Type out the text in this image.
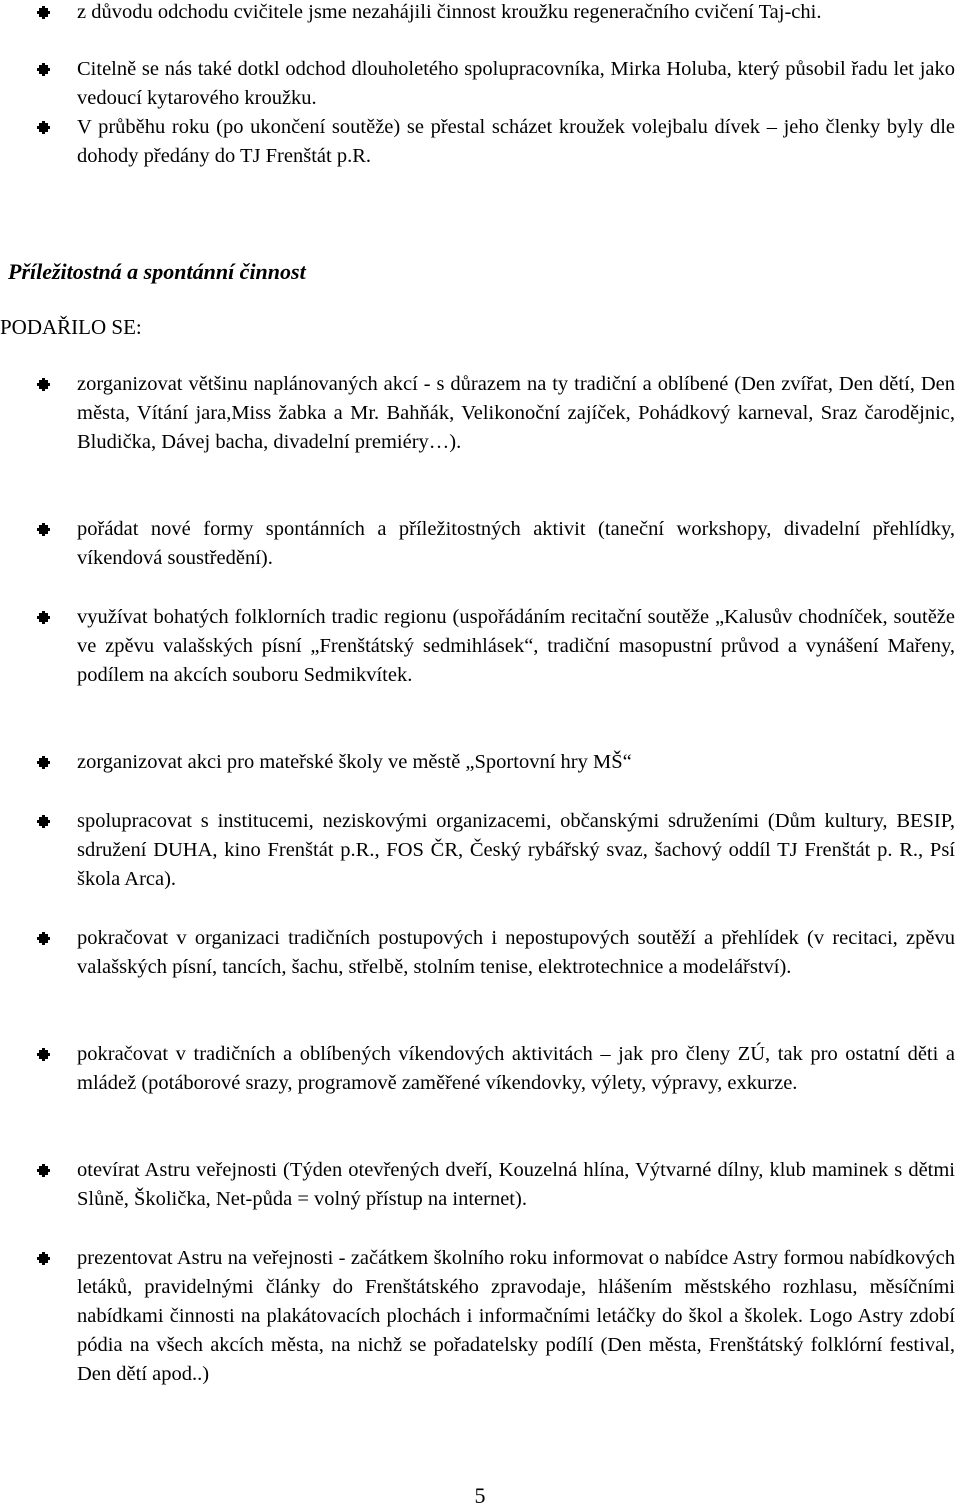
z důvodu odchodu cvičitele jsme nezahájili činnost kroužku regeneračního cvičení Taj-chi.
Citelně se nás také dotkl odchod dlouholetého spolupracovníka, Mirka Holuba, který působil řadu let jako vedoucí kytarového kroužku.
V průběhu roku (po ukončení soutěže) se přestal scházet kroužek volejbalu dívek – jeho členky byly dle dohody předány do TJ Frenštát p.R.
Příležitostná a spontánní činnost
PODAŘILO SE:
zorganizovat většinu naplánovaných akcí - s důrazem na ty tradiční a oblíbené (Den zvířat, Den dětí, Den města, Vítání jara,Miss žabka a Mr. Bahňák, Velikonoční zajíček, Pohádkový karneval, Sraz čarodějnic, Bludička, Dávej bacha, divadelní premiéry…).
pořádat nové formy spontánních a příležitostných aktivit (taneční workshopy, divadelní přehlídky, víkendová soustředění).
využívat bohatých folklorních tradic regionu (uspořádáním recitační soutěže „Kalusův chodníček, soutěže ve zpěvu valašských písní „Frenštátský sedmihlásek“, tradiční masopustní průvod a vynášení Mařeny, podílem na akcích souboru Sedmikvítek.
zorganizovat akci pro mateřské školy ve městě „Sportovní hry MŠ“
spolupracovat s institucemi, neziskovými organizacemi, občanskými sdruženími (Dům kultury, BESIP, sdružení DUHA, kino Frenštát p.R., FOS ČR, Český rybářský svaz, šachový oddíl TJ Frenštát p. R., Psí škola Arca).
pokračovat v organizaci tradičních postupových i nepostupových soutěží a přehlídek (v recitaci, zpěvu valašských písní, tancích, šachu, střelbě, stolním tenise, elektrotechnice a modelářství).
pokračovat v tradičních a oblíbených víkendových aktivitách – jak pro členy ZÚ, tak pro ostatní děti a mládež (potáborové srazy, programově zaměřené víkendovky, výlety, výpravy, exkurze.
otevírat Astru veřejnosti (Týden otevřených dveří, Kouzelná hlína, Výtvarné dílny, klub maminek s dětmi Slůně, Školička, Net-půda = volný přístup na internet).
prezentovat Astru na veřejnosti - začátkem školního roku informovat o nabídce Astry formou nabídkových letáků, pravidelnými články do Frenštátského zpravodaje, hlášením městského rozhlasu, měsíčními nabídkami činnosti na plakátovacích plochách i informačními letáčky do škol a školek. Logo Astry zdobí pódia na všech akcích města, na nichž se pořadatelsky podílí (Den města, Frenštátský folklórní festival, Den dětí apod..)
5
